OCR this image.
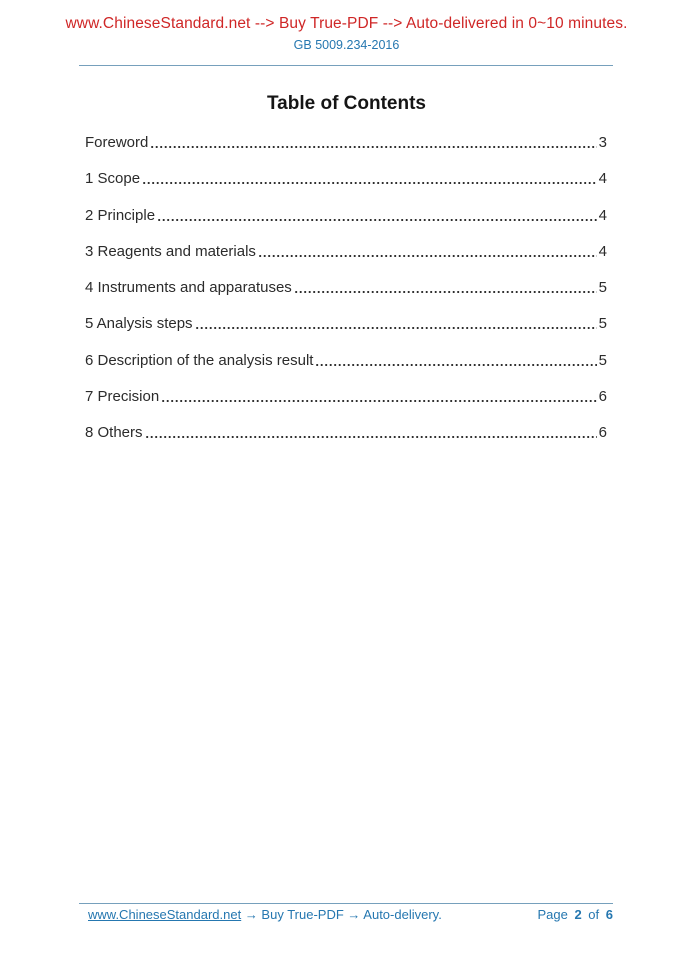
www.ChineseStandard.net --> Buy True-PDF --> Auto-delivered in 0~10 minutes.
GB 5009.234-2016
Table of Contents
Foreword	3
1 Scope	4
2 Principle	4
3 Reagents and materials	4
4 Instruments and apparatuses	5
5 Analysis steps	5
6 Description of the analysis result	5
7 Precision	6
8 Others	6
www.ChineseStandard.net → Buy True-PDF → Auto-delivery.	Page 2 of 6
